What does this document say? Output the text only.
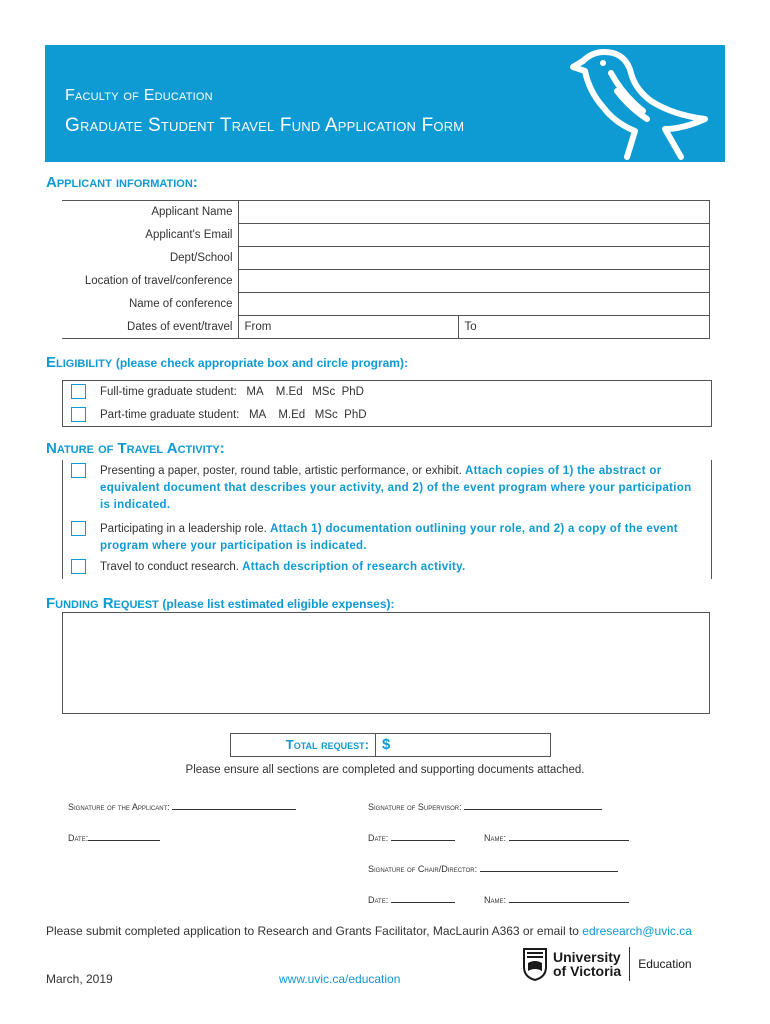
Faculty of Education
Graduate Student Travel Fund Application Form
Applicant information:
Applicant Name		
Applicant's Email		
Dept/School		
Location of travel/conference		
Name of conference		
Dates of event/travel	From	To
Eligibility (please check appropriate box and circle program):
Full-time graduate student:   MA    M.Ed   MSc  PhD
Part-time graduate student:   MA    M.Ed   MSc  PhD
Nature of Travel Activity:
Presenting a paper, poster, round table, artistic performance, or exhibit. Attach copies of 1) the abstract or equivalent document that describes your activity, and 2) of the event program where your participation is indicated.
Participating in a leadership role. Attach 1) documentation outlining your role, and 2) a copy of the event program where your participation is indicated.
Travel to conduct research. Attach description of research activity.
Funding Request (please list estimated eligible expenses):
Total request: $
Please ensure all sections are completed and supporting documents attached.
Signature of the Applicant:
Date:
Signature of Supervisor:
Date:	Name:
Signature of Chair/Director:
Date:	Name:
Please submit completed application to Research and Grants Facilitator, MacLaurin A363 or email to edresearch@uvic.ca
March, 2019	www.uvic.ca/education
University
of Victoria Education
